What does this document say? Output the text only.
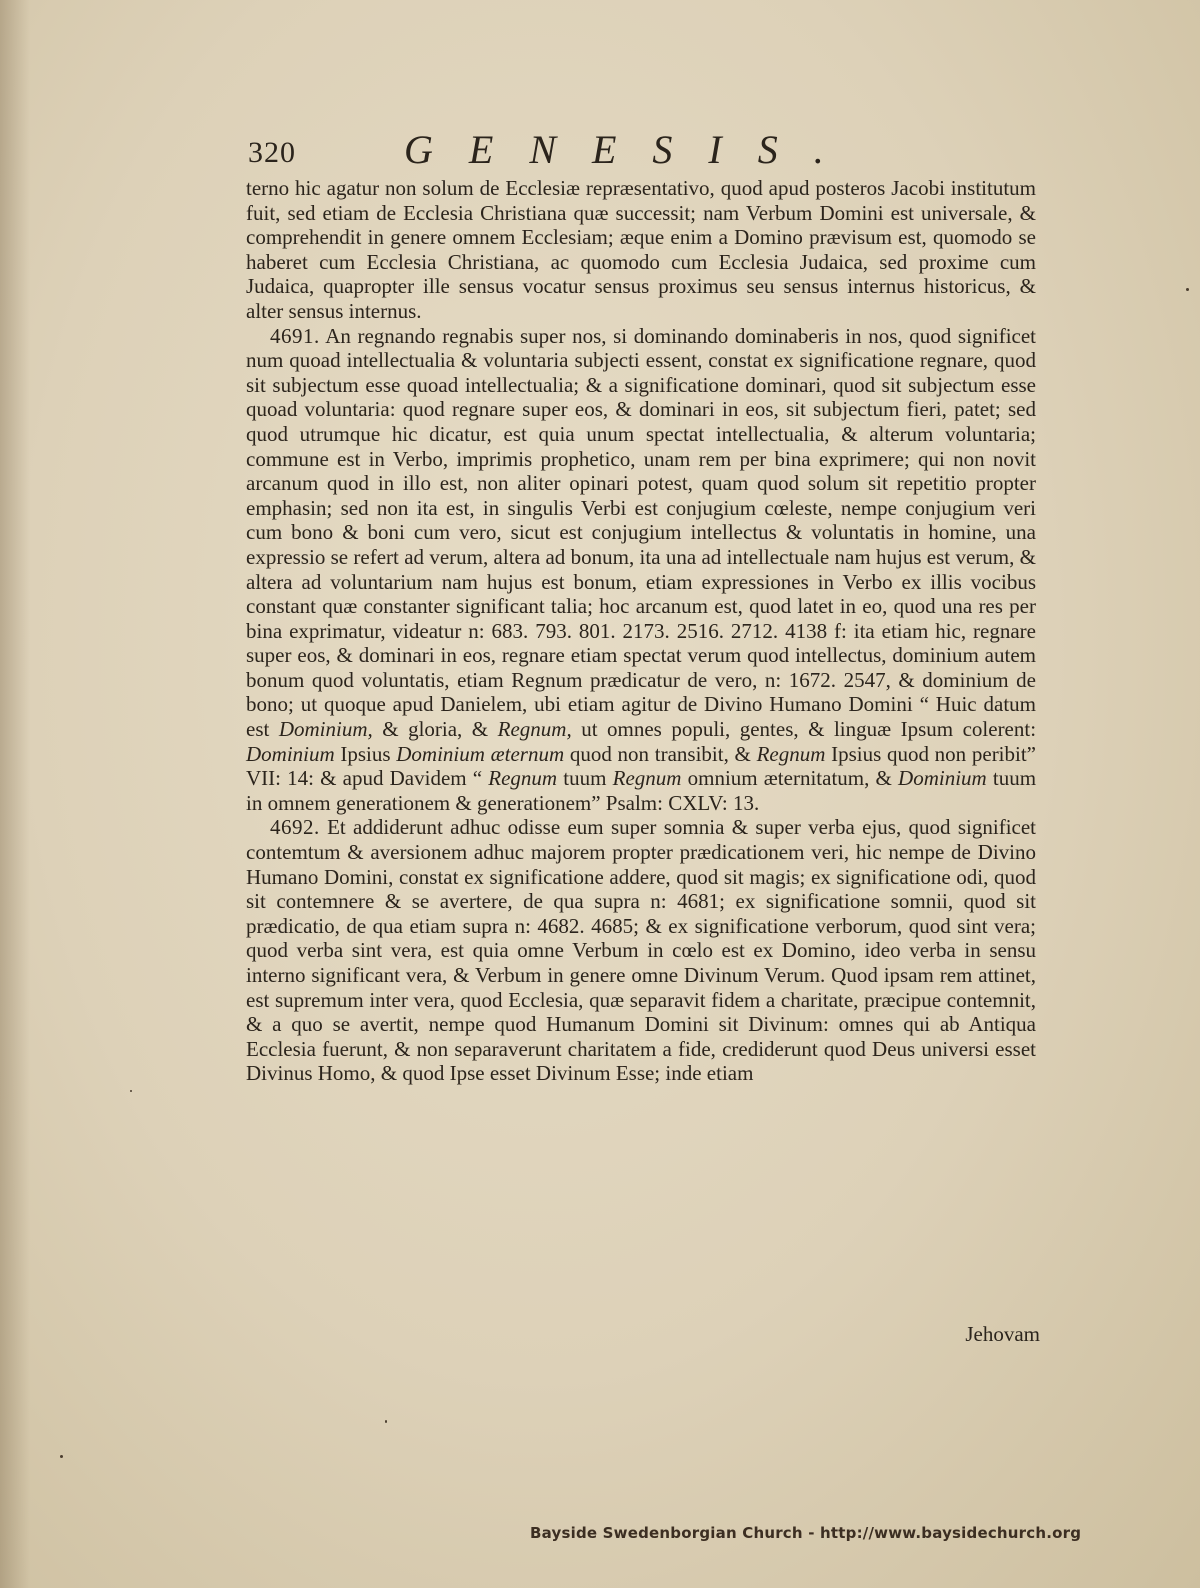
320	GENESIS.

terno hic agatur non solum de Ecclesiæ repræsentativo, quod apud posteros Jacobi institutum fuit, sed etiam de Ecclesia Christiana quæ successit; nam Verbum Domini est universale, & comprehendit in genere omnem Ecclesiam; æque enim a Domino prævisum est, quomodo se haberet cum Ecclesia Christiana, ac quomodo cum Ecclesia Judaica, sed proxime cum Judaica, quapropter ille sensus vocatur sensus proximus seu sensus internus historicus, & alter sensus internus.

4691. An regnando regnabis super nos, si dominando dominaberis in nos, quod significet num quoad intellectualia & voluntaria subjecti essent, constat ex significatione regnare, quod sit subjectum esse quoad intellectualia; & a significatione dominari, quod sit subjectum esse quoad voluntaria: quod regnare super eos, & dominari in eos, sit subjectum fieri, patet; sed quod utrumque hic dicatur, est quia unum spectat intellectualia, & alterum voluntaria; commune est in Verbo, imprimis prophetico, unam rem per bina exprimere; qui non novit arcanum quod in illo est, non aliter opinari potest, quam quod solum sit repetitio propter emphasin; sed non ita est, in singulis Verbi est conjugium cœleste, nempe conjugium veri cum bono & boni cum vero, sicut est conjugium intellectus & voluntatis in homine, una expressio se refert ad verum, altera ad bonum, ita una ad intellectuale nam hujus est verum, & altera ad voluntarium nam hujus est bonum, etiam expressiones in Verbo ex illis vocibus constant quæ constanter significant talia; hoc arcanum est, quod latet in eo, quod una res per bina exprimatur, videatur n: 683. 793. 801. 2173. 2516. 2712. 4138 f: ita etiam hic, regnare super eos, & dominari in eos, regnare etiam spectat verum quod intellectus, dominium autem bonum quod voluntatis, etiam Regnum prædicatur de vero, n: 1672. 2547, & dominium de bono; ut quoque apud Danielem, ubi etiam agitur de Divino Humano Domini “ Huic datum est Dominium, & gloria, & Regnum, ut omnes populi, gentes, & linguæ Ipsum colerent: Dominium Ipsius Dominium æternum quod non transibit, & Regnum Ipsius quod non peribit” VII: 14: & apud Davidem “ Regnum tuum Regnum omnium æternitatum, & Dominium tuum in omnem generationem & generationem” Psalm: CXLV: 13.

4692. Et addiderunt adhuc odisse eum super somnia & super verba ejus, quod significet contemtum & aversionem adhuc majorem propter prædicationem veri, hic nempe de Divino Humano Domini, constat ex significatione addere, quod sit magis; ex significatione odi, quod sit contemnere & se avertere, de qua supra n: 4681; ex significatione somnii, quod sit prædicatio, de qua etiam supra n: 4682. 4685; & ex significatione verborum, quod sint vera; quod verba sint vera, est quia omne Verbum in cœlo est ex Domino, ideo verba in sensu interno significant vera, & Verbum in genere omne Divinum Verum. Quod ipsam rem attinet, est supremum inter vera, quod Ecclesia, quæ separavit fidem a charitate, præcipue contemnit, & a quo se avertit, nempe quod Humanum Domini sit Divinum: omnes qui ab Antiqua Ecclesia fuerunt, & non separaverunt charitatem a fide, crediderunt quod Deus universi esset Divinus Homo, & quod Ipse esset Divinum Esse; inde etiam

Jehovam
Bayside Swedenborgian Church - http://www.baysidechurch.org
